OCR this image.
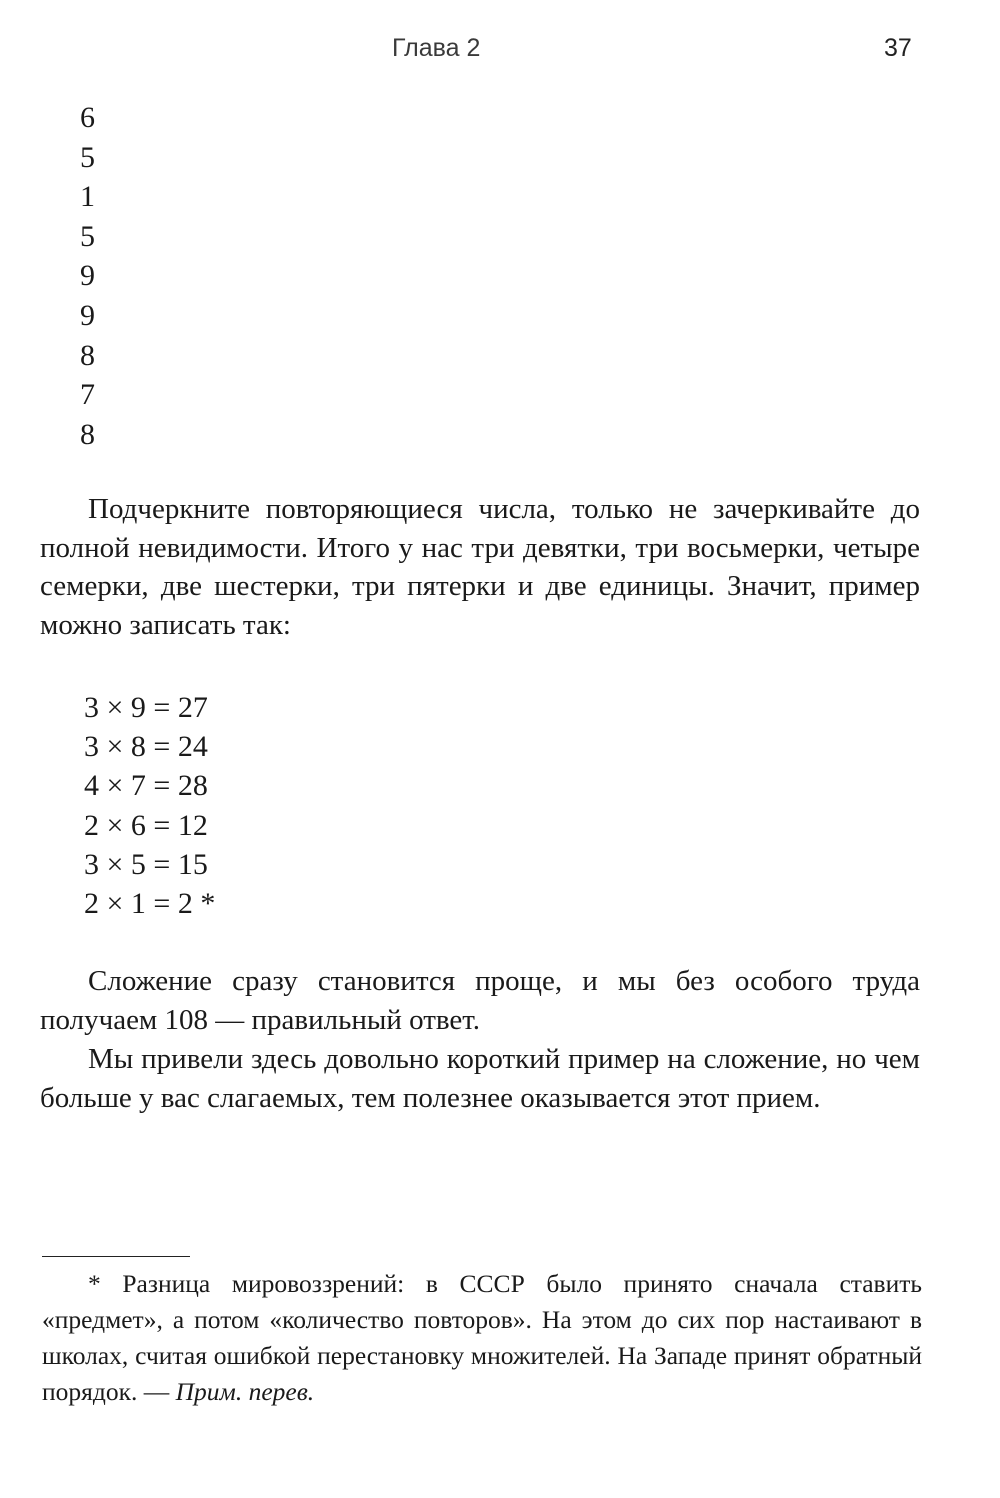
Глава 2	37
6
5
1
5
9
9
8
7
8

Подчеркните повторяющиеся числа, только не зачеркивайте до полной невидимости. Итого у нас три девятки, три восьмерки, четыре семерки, две шестерки, три пятерки и две единицы. Значит, пример можно записать так:

3 × 9 = 27
3 × 8 = 24
4 × 7 = 28
2 × 6 = 12
3 × 5 = 15
2 × 1 = 2 *

Сложение сразу становится проще, и мы без особого труда получаем 108 — правильный ответ.

Мы привели здесь довольно короткий пример на сложение, но чем больше у вас слагаемых, тем полезнее оказывается этот прием.

* Разница мировоззрений: в СССР было принято сначала ставить «предмет», а потом «количество повторов». На этом до сих пор настаивают в школах, считая ошибкой перестановку множителей. На Западе принят обратный порядок. — Прим. перев.
